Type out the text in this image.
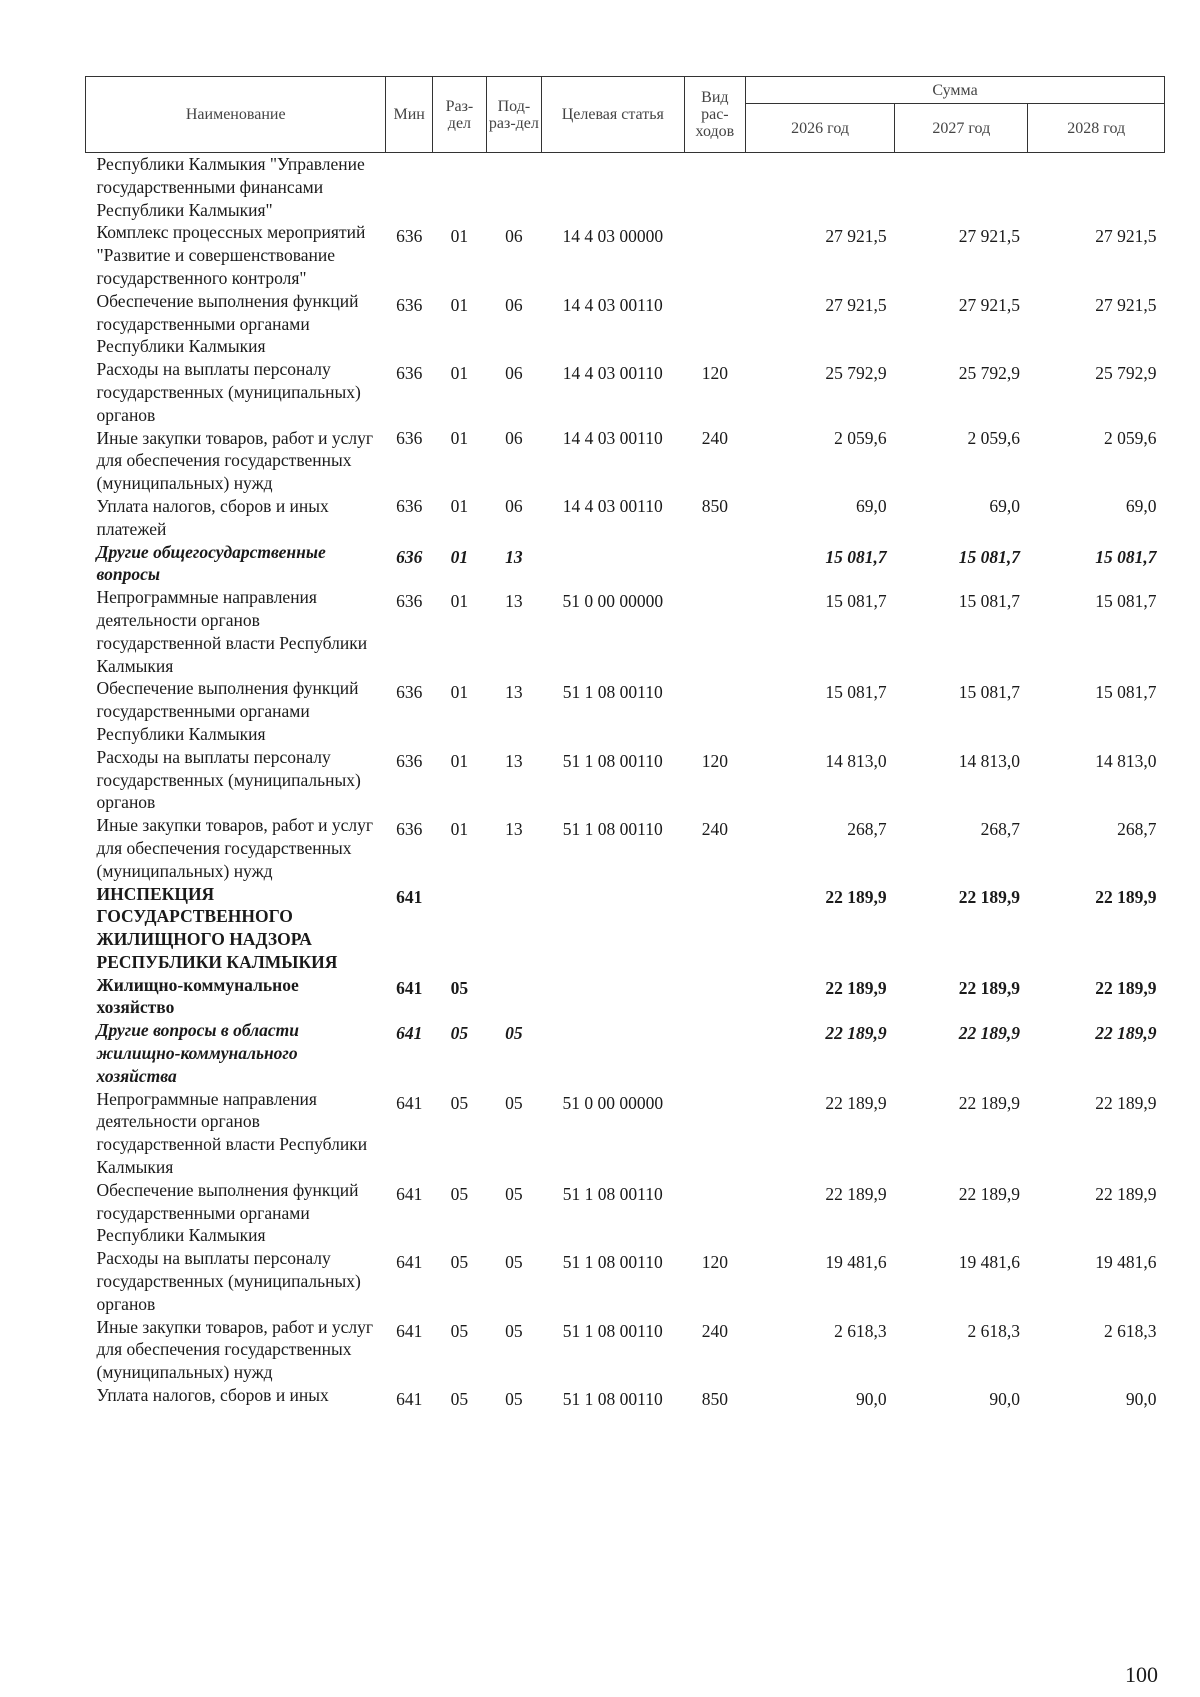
Наименование	Мин	Раз-дел	Под-раз-дел	Целевая статья	Вид рас-ходов	Сумма		
						2026 год	2027 год	2028 год
Республики Калмыкия "Управление государственными финансами Республики Калмыкия"								
Комплекс процессных мероприятий "Развитие и совершенствование государственного контроля"	636	01	06	14 4 03 00000		27 921,5	27 921,5	27 921,5
Обеспечение выполнения функций государственными органами Республики Калмыкия	636	01	06	14 4 03 00110		27 921,5	27 921,5	27 921,5
Расходы на выплаты персоналу государственных (муниципальных) органов	636	01	06	14 4 03 00110	120	25 792,9	25 792,9	25 792,9
Иные закупки товаров, работ и услуг для обеспечения государственных (муниципальных) нужд	636	01	06	14 4 03 00110	240	2 059,6	2 059,6	2 059,6
Уплата налогов, сборов и иных платежей	636	01	06	14 4 03 00110	850	69,0	69,0	69,0
Другие общегосударственные вопросы	636	01	13			15 081,7	15 081,7	15 081,7
Непрограммные направления деятельности органов государственной власти Республики Калмыкия	636	01	13	51 0 00 00000		15 081,7	15 081,7	15 081,7
Обеспечение выполнения функций государственными органами Республики Калмыкия	636	01	13	51 1 08 00110		15 081,7	15 081,7	15 081,7
Расходы на выплаты персоналу государственных (муниципальных) органов	636	01	13	51 1 08 00110	120	14 813,0	14 813,0	14 813,0
Иные закупки товаров, работ и услуг для обеспечения государственных (муниципальных) нужд	636	01	13	51 1 08 00110	240	268,7	268,7	268,7
ИНСПЕКЦИЯ ГОСУДАРСТВЕННОГО ЖИЛИЩНОГО НАДЗОРА РЕСПУБЛИКИ КАЛМЫКИЯ	641					22 189,9	22 189,9	22 189,9
Жилищно-коммунальное хозяйство	641	05				22 189,9	22 189,9	22 189,9
Другие вопросы в области жилищно-коммунального хозяйства	641	05	05			22 189,9	22 189,9	22 189,9
Непрограммные направления деятельности органов государственной власти Республики Калмыкия	641	05	05	51 0 00 00000		22 189,9	22 189,9	22 189,9
Обеспечение выполнения функций государственными органами Республики Калмыкия	641	05	05	51 1 08 00110		22 189,9	22 189,9	22 189,9
Расходы на выплаты персоналу государственных (муниципальных) органов	641	05	05	51 1 08 00110	120	19 481,6	19 481,6	19 481,6
Иные закупки товаров, работ и услуг для обеспечения государственных (муниципальных) нужд	641	05	05	51 1 08 00110	240	2 618,3	2 618,3	2 618,3
Уплата налогов, сборов и иных	641	05	05	51 1 08 00110	850	90,0	90,0	90,0
100
